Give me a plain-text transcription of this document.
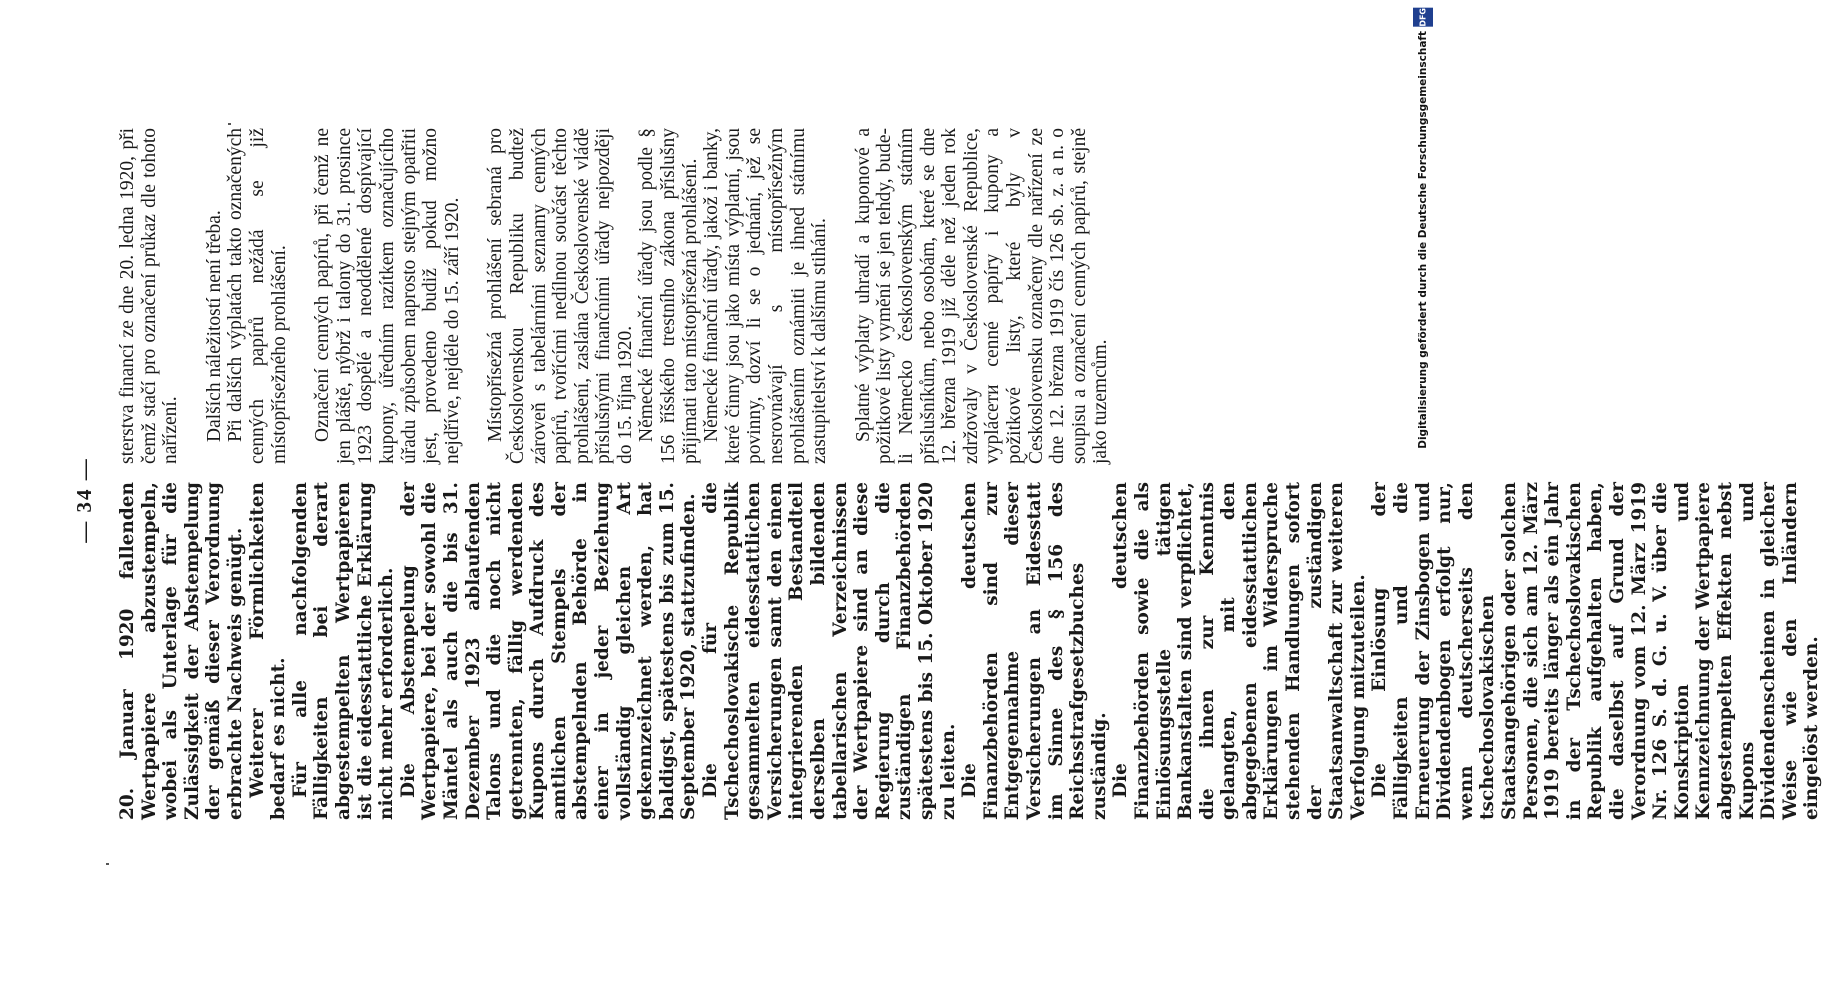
— 34 — 20. Januar 1920 fallenden Wertpapiere abzustempeln, wobei als Unterlage für die Zulässigkeit der Abstempelung der gemäß dieser Verordnung erbrachte Nachweis genügt. Weiterer Förmlichkeiten bedarf es nicht. Für alle nachfolgenden Fälligkeiten bei derart abgestempelten Wertpapieren ist die eidesstattliche Erklärung nicht mehr erforderlich. Die Abstempelung der Wertpapiere, bei der sowohl die Mäntel als auch die bis 31. Dezember 1923 ablaufenden Talons und die noch nicht getrennten, fällig werdenden Kupons durch Aufdruck des amtlichen Stempels der abstempelnden Behörde in einer in jeder Beziehung vollständig gleichen Art gekennzeichnet werden, hat baldigst, spätestens bis zum 15. September 1920, stattzufinden. Die für die Tschechoslovakische Republik gesammelten eidesstattlichen Versicherungen samt den einen integrierenden Bestandteil derselben bildenden tabellarischen Verzeichnissen der Wertpapiere sind an diese Regierung durch die zuständigen Finanzbehörden spätestens bis 15. Oktober 1920 zu leiten. Die deutschen Finanzbehörden sind zur Entgegennahme dieser Versicherungen an Eidesstatt im Sinne des § 156 des Reichsstrafgesetzbuches zuständig. Die deutschen Finanzbehörden sowie die als Einlösungsstelle tätigen Bankanstalten sind verpflichtet, die ihnen zur Kenntnis gelangten, mit den abgegebenen eidesstattlichen Erklärungen im Widerspruche stehenden Handlungen sofort der zuständigen Staatsanwaltschaft zur weiteren Verfolgung mitzuteilen. Die Einlösung der Fälligkeiten und die Erneuerung der Zinsbogen und Dividendenbogen erfolgt nur, wenn deutscherseits den tschechoslovakischen Staatsangehörigen oder solchen Personen, die sich am 12. März 1919 bereits länger als ein Jahr in der Tschechoslovakischen Republik aufgehalten haben, die daselbst auf Grund der Verordnung vom 12. März 1919 Nr. 126 S. d. G. u. V. über die Konskription und Kennzeichnung der Wertpapiere abgestempelten Effekten nebst Kupons und Dividendenscheinen in gleicher Weise wie den Inländern eingelöst werden.

sterstva financí ze dne 20. ledna 1920, při čemž stačí pro označení průkaz dle tohoto nařízení. Dalších náležitostí není třeba. Při dalších výplatách takto označených cenných papírů nežádá se již místopřísežného prohlášení. Označení cenných papírů, při čemž ne jen pláště, nýbrž i talony do 31. prosince 1923 dospělé a neoddělené dospívající kupony, úředním razítkem označujícího úřadu způsobem naprosto stejným opatřiti jest, provedeno budiž pokud možno nejdříve, nejdéle do 15. září 1920. Místopřísežná prohlášení sebraná pro Československou Republiku budtež zároveň s tabelárními seznamy cenných papírů, tvořícími nedílnou součást těchto prohlášení, zaslána Československé vládě příslušnými finančními úřady nejpozději do 15. října 1920. Německé finanční úřady jsou podle § 156 říšského trestního zákona příslušny přijímati tato místopřísežná prohlášení. Německé finanční úřady, jakož i banky, které činny jsou jako místa výplatní, jsou povinny, dozví li se o jednání, jež se nesrovnávají s místopřísežným prohlášením oznámiti je ihned státnímu zastupitelství k dalšímu stihání. Splatné výplaty uhradí a kuponové a požitkové listy vymění se jen tehdy, bude-li Německo československým státním příslušníkům, nebo osobám, které se dne 12. března 1919 již déle než jeden rok zdržovaly v Československé Republice, vyplácети cenné papíry i kupony a požitkové listy, které byly v Československu označeny dle nařízení ze dne 12. března 1919 čís 126 sb. z. a n. o soupisu a označení cenných papírů, stejně jako tuzemcům.

DFG
Digitalisierung gefördert durch die Deutsche Forschungsgemeinschaft
